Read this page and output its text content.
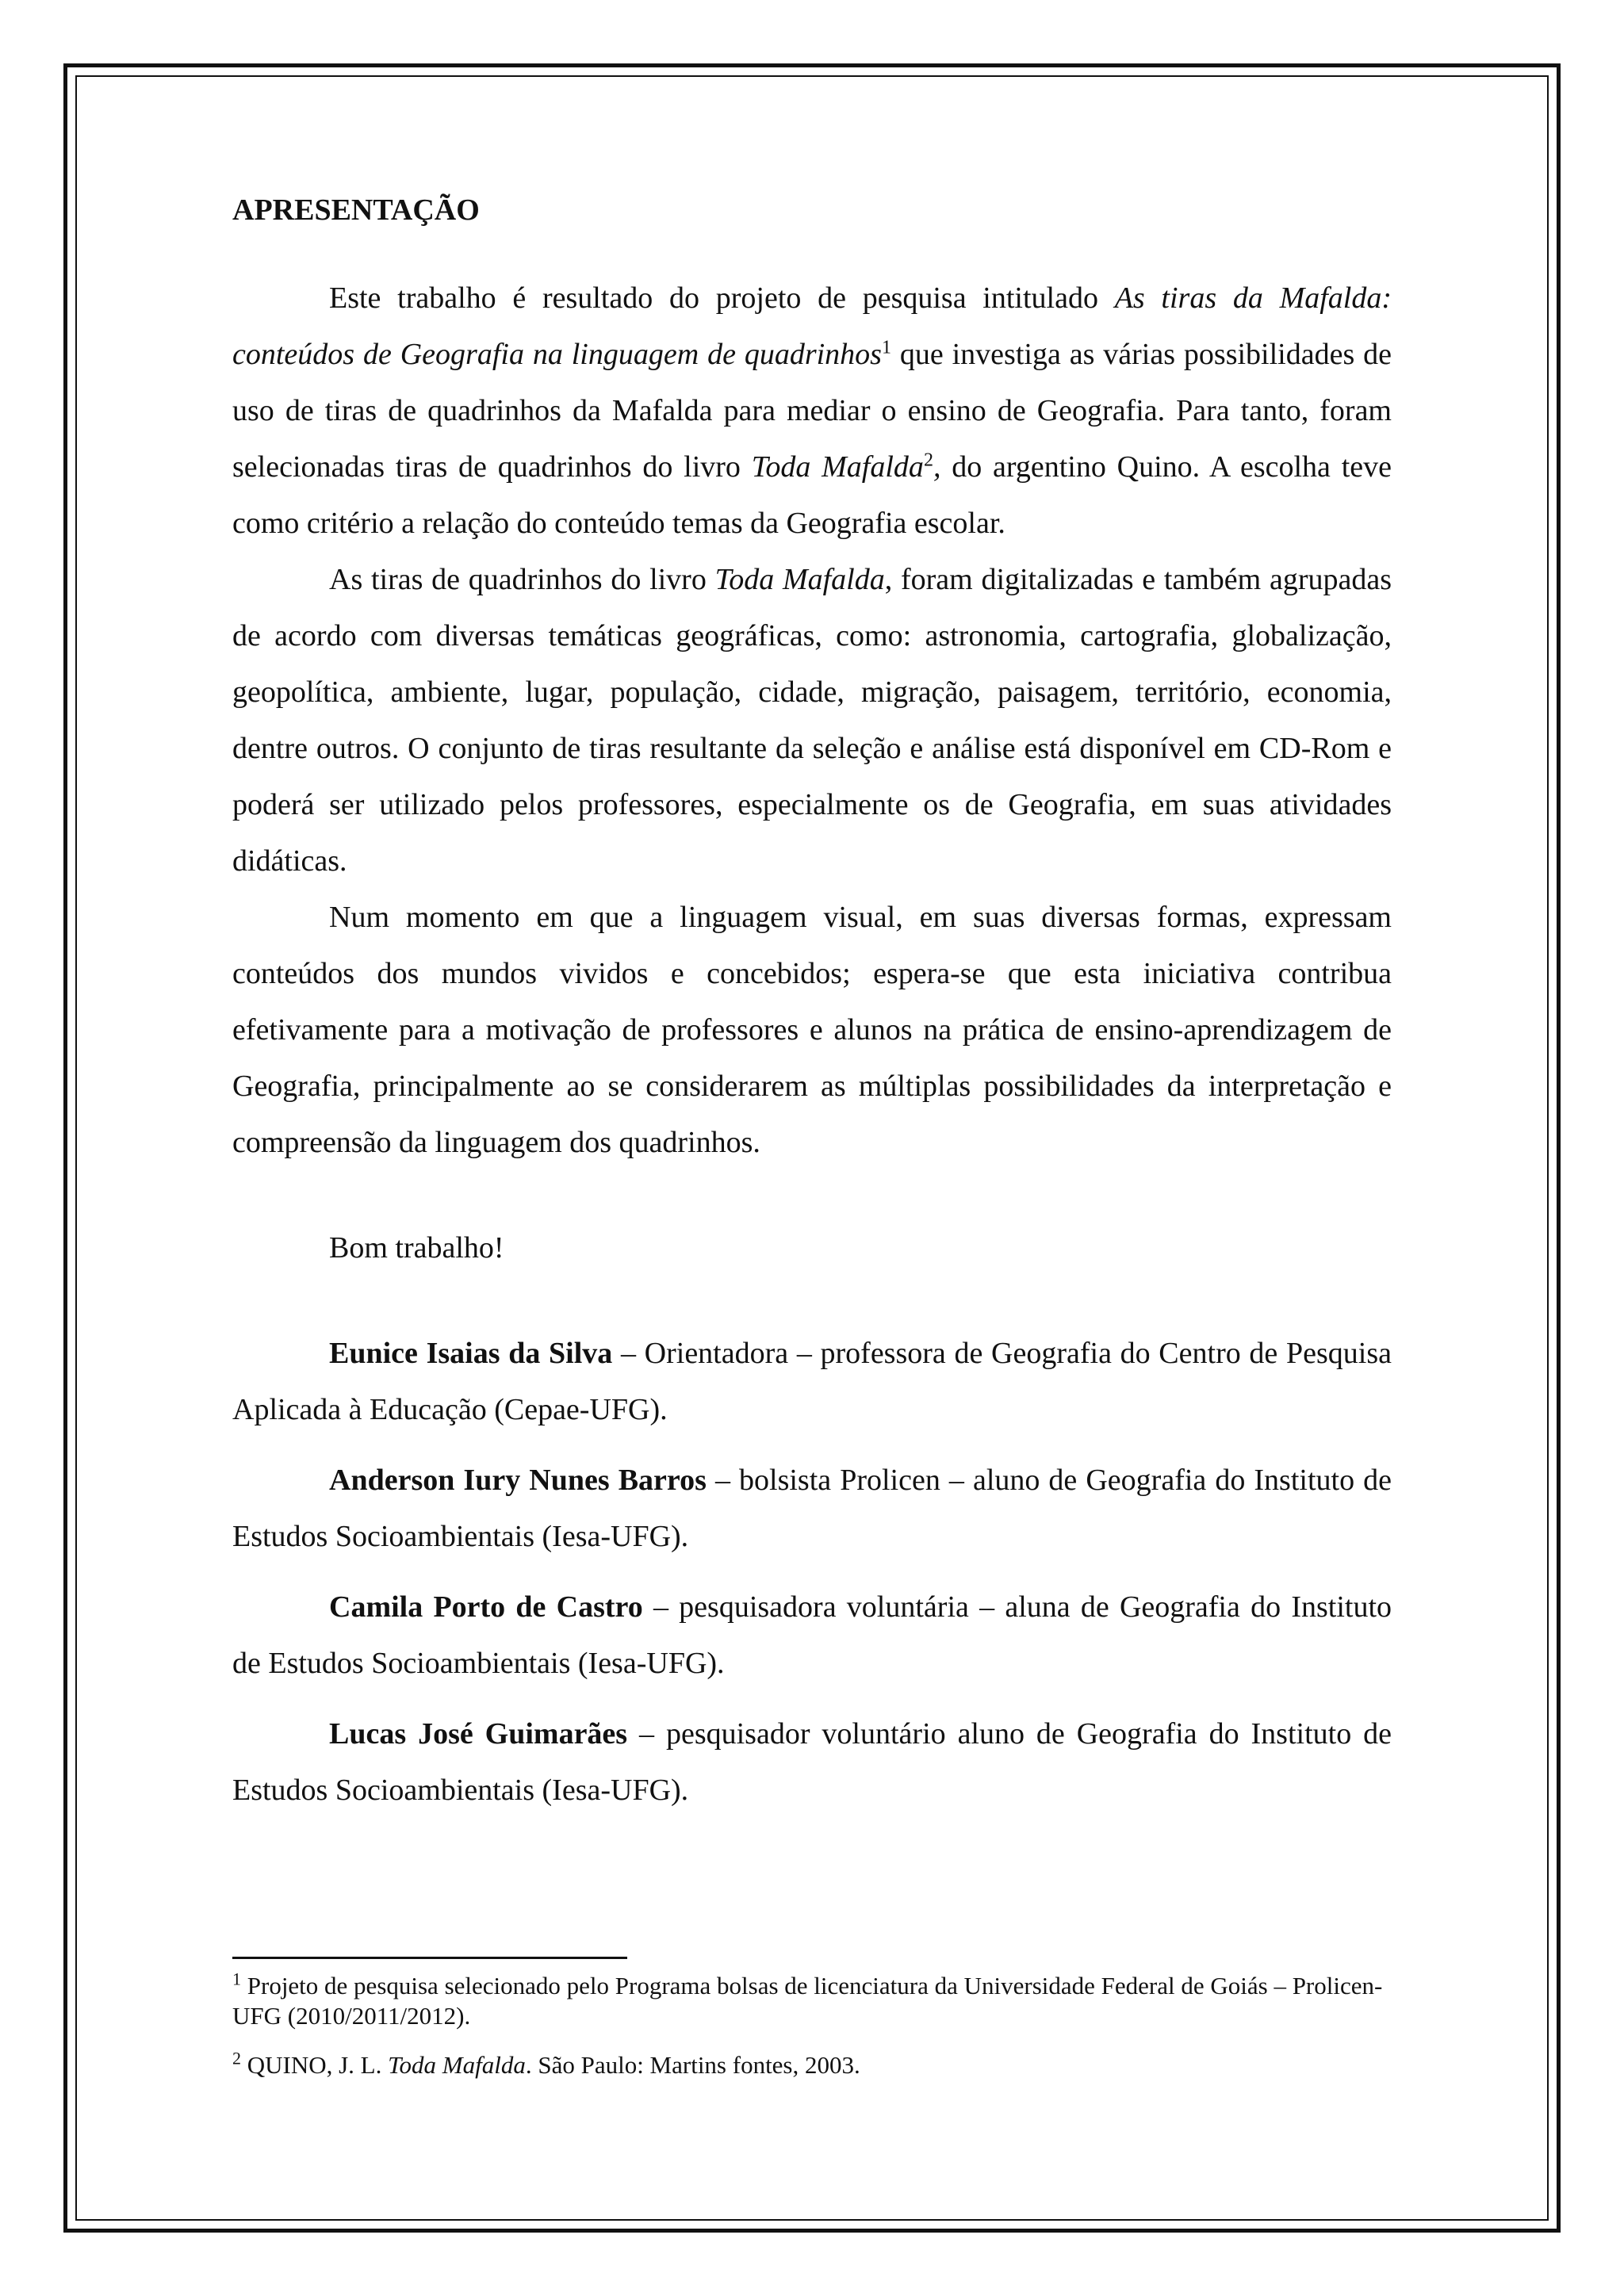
APRESENTAÇÃO

Este trabalho é resultado do projeto de pesquisa intitulado As tiras da Mafalda: conteúdos de Geografia na linguagem de quadrinhos$^1$ que investiga as várias possibilidades de uso de tiras de quadrinhos da Mafalda para mediar o ensino de Geografia. Para tanto, foram selecionadas tiras de quadrinhos do livro Toda Mafalda$^2$, do argentino Quino. A escolha teve como critério a relação do conteúdo temas da Geografia escolar.

As tiras de quadrinhos do livro Toda Mafalda, foram digitalizadas e também agrupadas de acordo com diversas temáticas geográficas, como: astronomia, cartografia, globalização, geopolítica, ambiente, lugar, população, cidade, migração, paisagem, território, economia, dentre outros. O conjunto de tiras resultante da seleção e análise está disponível em CD-Rom e poderá ser utilizado pelos professores, especialmente os de Geografia, em suas atividades didáticas.

Num momento em que a linguagem visual, em suas diversas formas, expressam conteúdos dos mundos vividos e concebidos; espera-se que esta iniciativa contribua efetivamente para a motivação de professores e alunos na prática de ensino-aprendizagem de Geografia, principalmente ao se considerarem as múltiplas possibilidades da interpretação e compreensão da linguagem dos quadrinhos.

Bom trabalho!

Eunice Isaias da Silva – Orientadora – professora de Geografia do Centro de Pesquisa Aplicada à Educação (Cepae-UFG).

Anderson Iury Nunes Barros – bolsista Prolicen – aluno de Geografia do Instituto de Estudos Socioambientais (Iesa-UFG).

Camila Porto de Castro – pesquisadora voluntária – aluna de Geografia do Instituto de Estudos Socioambientais (Iesa-UFG).

Lucas José Guimarães – pesquisador voluntário aluno de Geografia do Instituto de Estudos Socioambientais (Iesa-UFG).

$^1$ Projeto de pesquisa selecionado pelo Programa bolsas de licenciatura da Universidade Federal de Goiás – Prolicen-UFG (2010/2011/2012).

$^2$ QUINO, J. L. Toda Mafalda. São Paulo: Martins fontes, 2003.
